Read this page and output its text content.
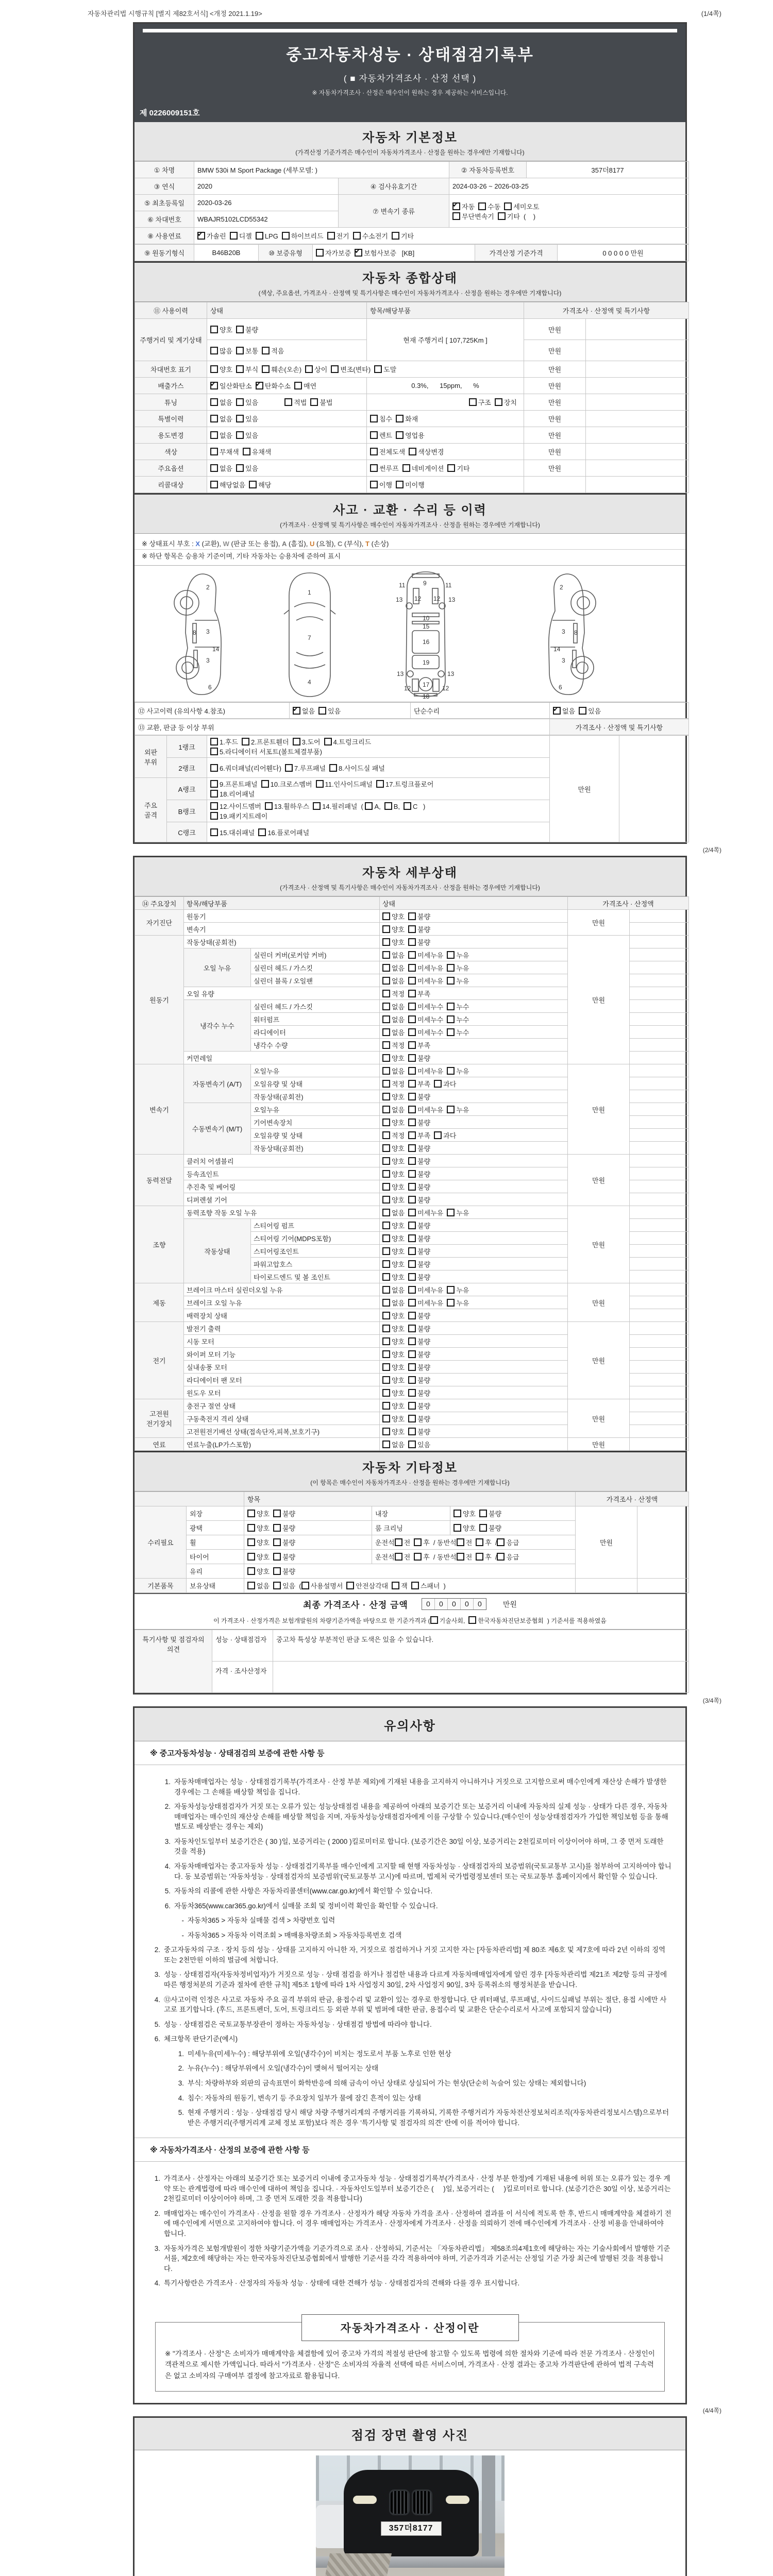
자동차관리법 시행규칙 [별지 제82호서식] <개정 2021.1.19>	(1/4쪽)
중고자동차성능 · 상태점검기록부
( ■ 자동차가격조사 · 산정 선택 )
※ 자동차가격조사 · 산정은 매수인이 원하는 경우 제공하는 서비스입니다.
제 0226009151호
자동차 기본정보
(가격산정 기준가격은 매수인이 자동차가격조사 · 산정을 원하는 경우에만 기재합니다)
① 차명	BMW 530i M Sport Package (세부모델: )		② 자동차등록번호	357더8177
③ 연식	2020	④ 검사유효기간	2024-03-26 ~ 2026-03-25	
⑤ 최초등록일	2020-03-26	⑦ 변속기 종류	✔자동 수동 세미오토
무단변속기 기타 (    )
⑥ 차대번호	WBAJR5102LCD55342			
⑧ 사용연료	✔가솔린 디젤 LPG 하이브리드 전기 수소전기 기타
⑨ 원동기형식	B46B20B	⑩ 보증유형	자가보증 ✔ 보험사보증 [KB]	가격산정 기준가격	0 0 0 0 0 만원
자동차 종합상태
(색상, 주요옵션, 가격조사 · 산정액 및 특기사항은 매수인이 자동차가격조사 · 산정을 원하는 경우에만 기재합니다)
⑪ 사용이력	상태	항목/해당부품	가격조사 · 산정액 및 특기사항	
주행거리 및 계기상태	양호 불량	현재 주행거리 [ 107,725Km ]	만원	
	많음 보통 적음		만원	
차대번호 표기	양호 부식 훼손(오손) 상이 변조(변타) 도말		만원	
배출가스	✔일산화탄소 ✔ 탄화수소 매연	0.3%,      15ppm,      %	만원	
튜닝	없음 있음 적법 불법	구조 장치	만원	
특별이력	없음 있음	침수 화재	만원	
용도변경	없음 있음	렌트 영업용	만원	
색상	무채색 유채색	전체도색 색상변경	만원	
주요옵션	없음 있음	썬루프 네비게이션 기타	만원	
리콜대상	해당없음 해당	이행 미이행		
사고 · 교환 · 수리 등 이력
(가격조사 · 산정액 및 특기사항은 매수인이 자동차가격조사 · 산정을 원하는 경우에만 기재합니다)
※ 상태표시 부호 : X (교환), W (판금 또는 용접), A (흠집), U (요철), C (부식), T (손상)
※ 하단 항목은 승용차 기준이며, 기타 자동차는 승용차에 준하여 표시
2
8 3
14
3
6
1
7
4
9
11	11
13	13
12 12
10
15
16
19
13	13
12	12
17
18
2
3 8
14
3
6
⑫ 사고이력 (유의사항 4.참조)	✔없음 있음	단순수리	✔없음 있음
⑬ 교환, 판금 등 이상 부위	가격조사 · 산정액 및 특기사항
외판 부위	1랭크	1.후드 2.프론트휀더 3.도어 4.트렁크리드
5.라디에이터 서포트(볼트체결부품)	만원	
	2랭크	6.쿼더패널(리어휀다) 7.루프패널 8.사이드실 패널		
주요 골격	A랭크	9.프론트패널 10.크로스멤버 11.인사이드패널 17.트렁크플로어
18.리어패널		
	B랭크	12.사이드멤버 13.휠하우스 14.필러패널 ( A, B, C )
19.패키지트레이		
	C랭크	15.대쉬패널 16.플로어패널		
(2/4쪽)
자동차 세부상태
(가격조사 · 산정액 및 특기사항은 매수인이 자동차가격조사 · 산정을 원하는 경우에만 기재합니다)
⑭ 주요장치	항목/해당부품		상태	가격조사 · 산정액	
자기진단	원동기		양호 불량	만원	
	변속기		양호 불량		
원동기	작동상태(공회전)		양호 불량	만원	
	오일 누유	실린더 커버(로커암 커버)	없음 미세누유 누유		
		실린더 헤드 / 가스킷	없음 미세누유 누유		
		실린더 블록 / 오일팬	없음 미세누유 누유		
	오일 유량		적정 부족		
	냉각수 누수	실린더 헤드 / 가스킷	없음 미세누수 누수		
		워터펌프	없음 미세누수 누수		
		라디에이터	없음 미세누수 누수		
		냉각수 수량	적정 부족		
	커먼레일		양호 불량		
변속기	자동변속기 (A/T)	오일누유	없음 미세누유 누유	만원	
		오일유량 및 상태	적정 부족 과다		
		작동상태(공회전)	양호 불량		
	수동변속기 (M/T)	오일누유	없음 미세누유 누유		
		기어변속장치	양호 불량		
		오일유량 및 상태	적정 부족 과다		
		작동상태(공회전)	양호 불량		
동력전달	클러치 어셈블리		양호 불량	만원	
	등속죠인트		양호 불량		
	추진축 및 베어링		양호 불량		
	디퍼렌셜 기어		양호 불량		
조향	동력조향 작동 오일 누유		없음 미세누유 누유	만원	
	작동상태	스티어링 펌프	양호 불량		
		스티어링 기어(MDPS포함)	양호 불량		
		스티어링조인트	양호 불량		
		파워고압호스	양호 불량		
		타이로드엔드 및 볼 조인트	양호 불량		
제동	브레이크 마스터 실린더오일 누유		없음 미세누유 누유	만원	
	브레이크 오일 누유		없음 미세누유 누유		
	배력장치 상태		양호 불량		
전기	발전기 출력		양호 불량	만원	
	시동 모터		양호 불량		
	와이퍼 모터 기능		양호 불량		
	실내송풍 모터		양호 불량		
	라디에이터 팬 모터		양호 불량		
	윈도우 모터		양호 불량		
고전원 전기장치	충전구 절연 상태		양호 불량	만원	
	구동축전지 격리 상태		양호 불량		
	고전원전기배선 상태(접속단자,피복,보호기구)		양호 불량		
연료	연료누출(LP가스포함)		없음 있음	만원	
자동차 기타정보
(이 항목은 매수인이 자동차가격조사 · 산정을 원하는 경우에만 기재합니다)
		항목			가격조사 · 산정액	
수리필요	외장	양호 불량	내장	양호 불량	만원	
	광택	양호 불량	룸 크리닝	양호 불량		
	휠	양호 불량	운전석 전 후 / 동반석 전 후 / 응급			
	타이어	양호 불량	운전석 전 후 / 동반석 전 후 / 응급			
	유리	양호 불량				
기본품목	보유상태	없음 있음 ( 사용설명서 안전삼각대 잭 스패너 )				
최종 가격조사 · 산정 금액	0	0	0	0	0	만원
이 가격조사 · 산정가격은 보험개발원의 차량기준가액을 바탕으로 한 기준가격과 ( 기술사회, 한국자동차진단보증협회 ) 기준서를 적용하였음
특기사항 및 점검자의 의견	성능 · 상태점검자	중고차 특성상 부분적인 판금 도색은 있을 수 있습니다.
	가격 · 조사산정자	
(3/4쪽)
유의사항
※ 중고자동차성능 · 상태점검의 보증에 관한 사항 등
1. 자동차매매업자는 성능 · 상태점검기록부(가격조사 · 산정 부분 제외)에 기재된 내용을 고지하지 아니하거나 거짓으로 고지함으로써 매수인에게 재산상 손해가 발생한 경우에는 그 손해를 배상할 책임을 집니다.
2. 자동차성능상태점검자가 거짓 또는 오류가 있는 성능상태점검 내용을 제공하여 아래의 보증기간 또는 보증거리 이내에 자동차의 실제 성능 · 상태가 다른 경우, 자동차매매업자는 매수인의 재산상 손해를 배상할 책임을 지며, 자동차성능상태점검자에게 이를 구상할 수 있습니다.(매수인이 성능상태점검자가 가입한 책임보험 등을 통해 별도로 배상받는 경우는 제외)
3. 자동차인도일부터 보증기간은 ( 30 )일, 보증거리는 ( 2000 )킬로미터로 합니다. (보증기간은 30일 이상, 보증거리는 2천킬로미터 이상이어야 하며, 그 중 먼저 도래한 것을 적용)
4. 자동차매매업자는 중고자동차 성능 · 상태점검기록부를 매수인에게 고지할 때 현행 자동차성능 · 상태점검자의 보증범위(국토교통부 고시)를 첨부하여 고지하여야 합니다. 동 보증범위는 '자동차성능 · 상태점검자의 보증범위'(국토교통부 고시)에 따르며, 법제처 국가법령정보센터 또는 국토교통부 홈페이지에서 확인할 수 있습니다.
5. 자동차의 리콜에 관한 사항은 자동차리콜센터(www.car.go.kr)에서 확인할 수 있습니다.
6. 자동차365(www.car365.go.kr)에서 실매물 조회 및 정비이력 확인을 확인할 수 있습니다.
- 자동차365 > 자동차 실매물 검색 > 차량번호 입력
- 자동차365 > 자동차 이력조회 > 매매용차량조회 > 자동차등록번호 검색
2. 중고자동차의 구조 · 장치 등의 성능 · 상태를 고지하지 아니한 자, 거짓으로 점검하거나 거짓 고지한 자는 [자동차관리법] 제 80조 제6호 및 제7호에 따라 2년 이하의 징역 또는 2천만원 이하의 벌금에 처합니다.
3. 성능 · 상태점검자(자동차정비업자)가 거짓으로 성능 · 상태 점검을 하거나 점검한 내용과 다르게 자동차매매업자에게 알린 경우 [자동차관리법 제21조 제2항 등의 규정에 따른 행정처분의 기준과 절차에 관한 규칙] 제5조 1항에 따라 1차 사업정지 30일, 2차 사업정지 90일, 3차 등록취소의 행정처분을 받습니다.
4. ⑫사고이력 인정은 사고로 자동차 주요 골격 부위의 판금, 용접수리 및 교환이 있는 경우로 한정합니다. 단 쿼터패널, 루프패널, 사이드실패널 부위는 절단, 용접 시에만 사고로 표기합니다. (후드, 프론트펜더, 도어, 트렁크리드 등 외판 부위 및 범퍼에 대한 판금, 용접수리 및 교환은 단순수리로서 사고에 포함되지 않습니다)
5. 성능 · 상태점검은 국토교통부장관이 정하는 자동차성능 · 상태점검 방법에 따라야 합니다.
6. 체크항목 판단기준(예시)
1. 미세누유(미세누수) : 해당부위에 오일(냉각수)이 비치는 정도로서 부품 노후로 인한 현상
2. 누유(누수) : 해당부위에서 오일(냉각수)이 맺혀서 떨어지는 상태
3. 부식: 차량하부와 외판의 금속표면이 화학반응에 의해 금속이 아닌 상태로 상실되어 가는 현상(단순히 녹슬어 있는 상태는 제외합니다)
4. 침수: 자동차의 원동기, 변속기 등 주요장치 일부가 물에 잠긴 흔적이 있는 상태
5. 현재 주행거리 : 성능 · 상태점검 당시 해당 차량 주행거리계의 주행거리를 기록하되, 기록한 주행거리가 자동차전산정보처리조직(자동차관리정보시스템)으로부터 받은 주행거리(주행거리계 교체 정보 포함)보다 적은 경우 '특기사항 및 점검자의 의견' 란에 이를 적어야 합니다.
※ 자동차가격조사 · 산정의 보증에 관한 사항 등
1. 가격조사 · 산정자는 아래의 보증기간 또는 보증거리 이내에 중고자동차 성능 · 상태점검기록부(가격조사 · 산정 부분 한정)에 기재된 내용에 허위 또는 오류가 있는 경우 계약 또는 관계법령에 따라 매수인에 대하여 책임을 집니다. · 자동차인도일부터 보증기간은 (     )일, 보증거리는 (     )킬로미터로 합니다. (보증기간은 30일 이상, 보증거리는 2천킬로미터 이상이어야 하며, 그 중 먼저 도래한 것을 적용합니다)
2. 매매업자는 매수인이 가격조사 · 산정을 원할 경우 가격조사 · 산정자가 해당 자동차 가격을 조사 · 산정하여 결과를 이 서식에 적도록 한 후, 반드시 매매계약을 체결하기 전에 매수인에게 서면으로 고지하여야 합니다. 이 경우 매매업자는 가격조사 · 산정자에게 가격조사 · 산정을 의뢰하기 전에 매수인에게 가격조사 · 산정 비용을 안내하여야 합니다.
3. 자동차가격은 보험개발원이 정한 차량기준가액을 기준가격으로 조사 · 산정하되, 기준서는 「자동차관리법」 제58조의4제1호에 해당하는 자는 기술사회에서 발행한 기준서를, 제2호에 해당하는 자는 한국자동차진단보증협회에서 발행한 기준서를 각각 적용하여야 하며, 기준가격과 기준서는 산정일 기준 가장 최근에 발행된 것을 적용합니다.
4. 특기사항란은 가격조사 · 산정자의 자동차 성능 · 상태에 대한 견해가 성능 · 상태점검자의 견해와 다를 경우 표시합니다.
자동차가격조사 · 산정이란
※ "가격조사 · 산정"은 소비자가 매매계약을 체결함에 있어 중고차 가격의 적절성 판단에 참고할 수 있도록 법령에 의한 절차와 기준에 따라 전문 가격조사 · 산정인이 객관적으로 제시한 가액입니다. 따라서 "가격조사 · 산정"은 소비자의 자율적 선택에 따른 서비스이며, 가격조사 · 산정 결과는 중고차 가격판단에 관하여 법적 구속력은 없고 소비자의 구매여부 결정에 참고자료로 활용됩니다.
(4/4쪽)
점검 장면 촬영 사진
357더8177
